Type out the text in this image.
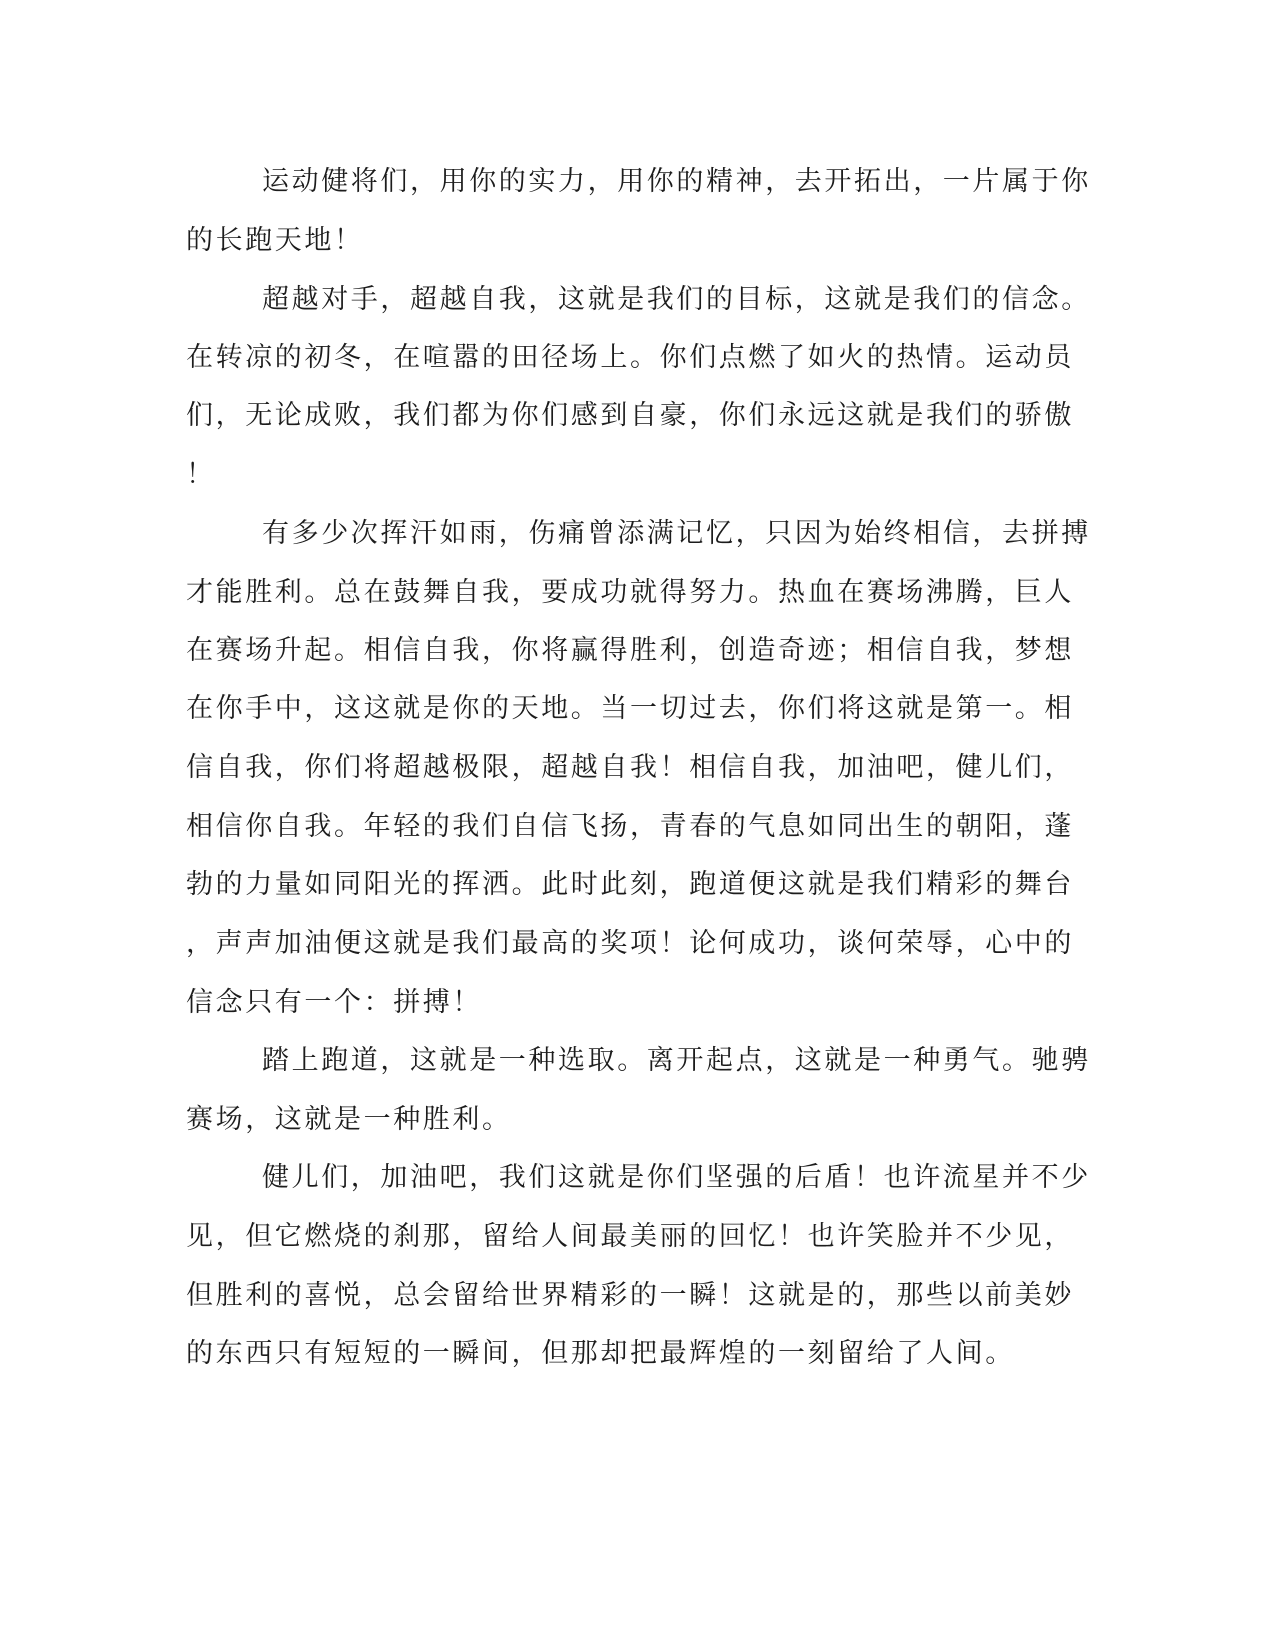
运动健将们，用你的实力，用你的精神，去开拓出，一片属于你

的长跑天地！

超越对手，超越自我，这就是我们的目标，这就是我们的信念。

在转凉的初冬，在喧嚣的田径场上。你们点燃了如火的热情。运动员

们，无论成败，我们都为你们感到自豪，你们永远这就是我们的骄傲

！

有多少次挥汗如雨，伤痛曾添满记忆，只因为始终相信，去拼搏

才能胜利。总在鼓舞自我，要成功就得努力。热血在赛场沸腾，巨人

在赛场升起。相信自我，你将赢得胜利，创造奇迹；相信自我，梦想

在你手中，这这就是你的天地。当一切过去，你们将这就是第一。相

信自我，你们将超越极限，超越自我！相信自我，加油吧，健儿们，

相信你自我。年轻的我们自信飞扬，青春的气息如同出生的朝阳，蓬

勃的力量如同阳光的挥洒。此时此刻，跑道便这就是我们精彩的舞台

，声声加油便这就是我们最高的奖项！论何成功，谈何荣辱，心中的

信念只有一个：拼搏！

踏上跑道，这就是一种选取。离开起点，这就是一种勇气。驰骋

赛场，这就是一种胜利。

健儿们，加油吧，我们这就是你们坚强的后盾！也许流星并不少

见，但它燃烧的刹那，留给人间最美丽的回忆！也许笑脸并不少见，

但胜利的喜悦，总会留给世界精彩的一瞬！这就是的，那些以前美妙

的东西只有短短的一瞬间，但那却把最辉煌的一刻留给了人间。
